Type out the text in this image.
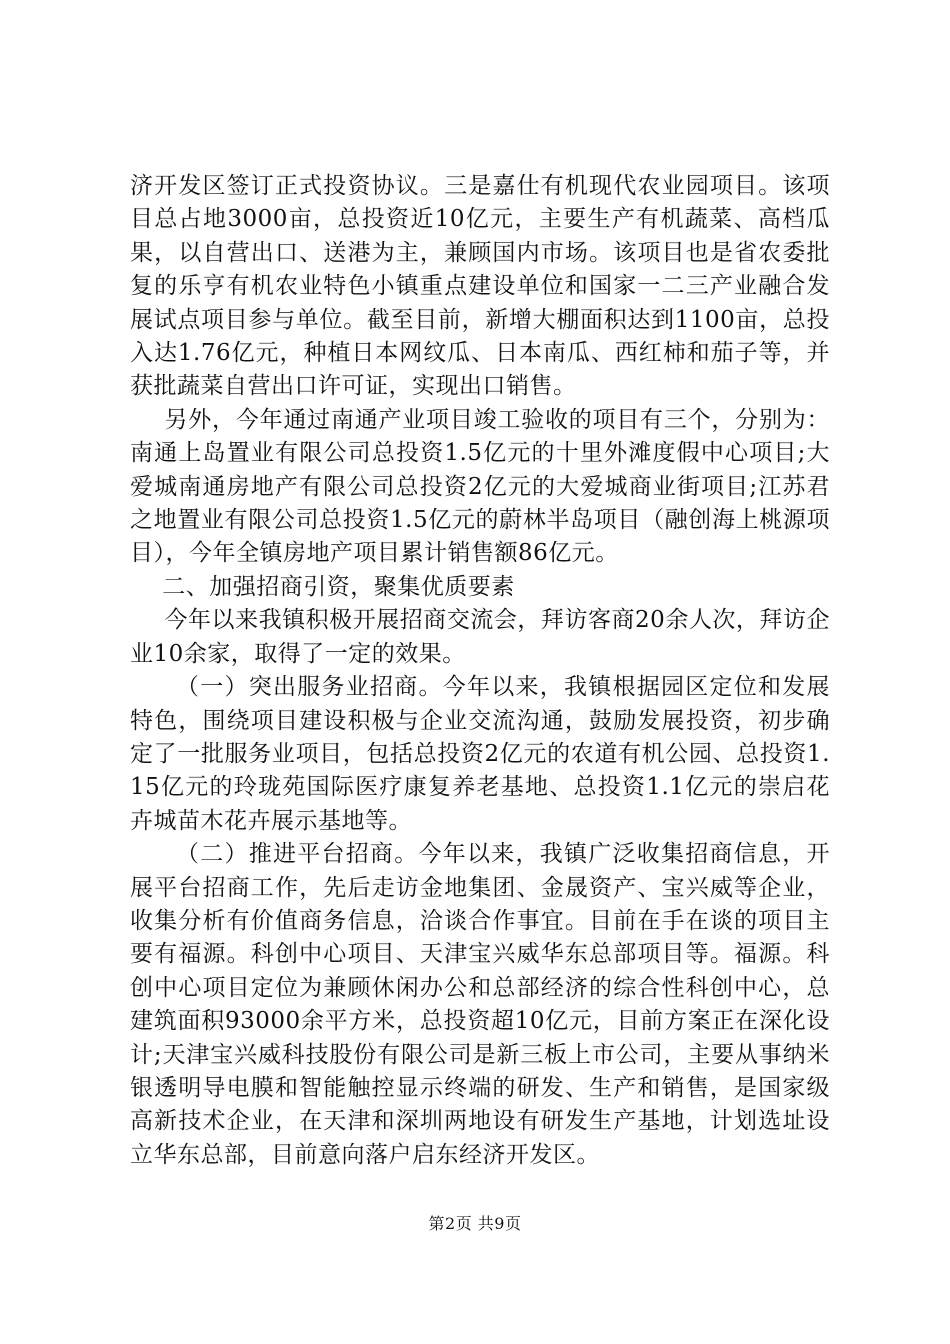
济开发区签订正式投资协议。三是嘉仕有机现代农业园项目。该项目总占地3000亩，总投资近10亿元，主要生产有机蔬菜、高档瓜果，以自营出口、送港为主，兼顾国内市场。该项目也是省农委批复的乐亨有机农业特色小镇重点建设单位和国家一二三产业融合发展试点项目参与单位。截至目前，新增大棚面积达到1100亩，总投入达1.76亿元，种植日本网纹瓜、日本南瓜、西红柿和茄子等，并获批蔬菜自营出口许可证，实现出口销售。

另外，今年通过南通产业项目竣工验收的项目有三个，分别为：南通上岛置业有限公司总投资1.5亿元的十里外滩度假中心项目;大爱城南通房地产有限公司总投资2亿元的大爱城商业街项目;江苏君之地置业有限公司总投资1.5亿元的蔚林半岛项目（融创海上桃源项目），今年全镇房地产项目累计销售额86亿元。

二、加强招商引资，聚集优质要素

今年以来我镇积极开展招商交流会，拜访客商20余人次，拜访企业10余家，取得了一定的效果。

（一）突出服务业招商。今年以来，我镇根据园区定位和发展特色，围绕项目建设积极与企业交流沟通，鼓励发展投资，初步确定了一批服务业项目，包括总投资2亿元的农道有机公园、总投资1.15亿元的玲珑苑国际医疗康复养老基地、总投资1.1亿元的崇启花卉城苗木花卉展示基地等。

（二）推进平台招商。今年以来，我镇广泛收集招商信息，开展平台招商工作，先后走访金地集团、金晟资产、宝兴威等企业，收集分析有价值商务信息，洽谈合作事宜。目前在手在谈的项目主要有福源。科创中心项目、天津宝兴威华东总部项目等。福源。科创中心项目定位为兼顾休闲办公和总部经济的综合性科创中心，总建筑面积93000余平方米，总投资超10亿元，目前方案正在深化设计;天津宝兴威科技股份有限公司是新三板上市公司，主要从事纳米银透明导电膜和智能触控显示终端的研发、生产和销售，是国家级高新技术企业，在天津和深圳两地设有研发生产基地，计划选址设立华东总部，目前意向落户启东经济开发区。

第2页 共9页
